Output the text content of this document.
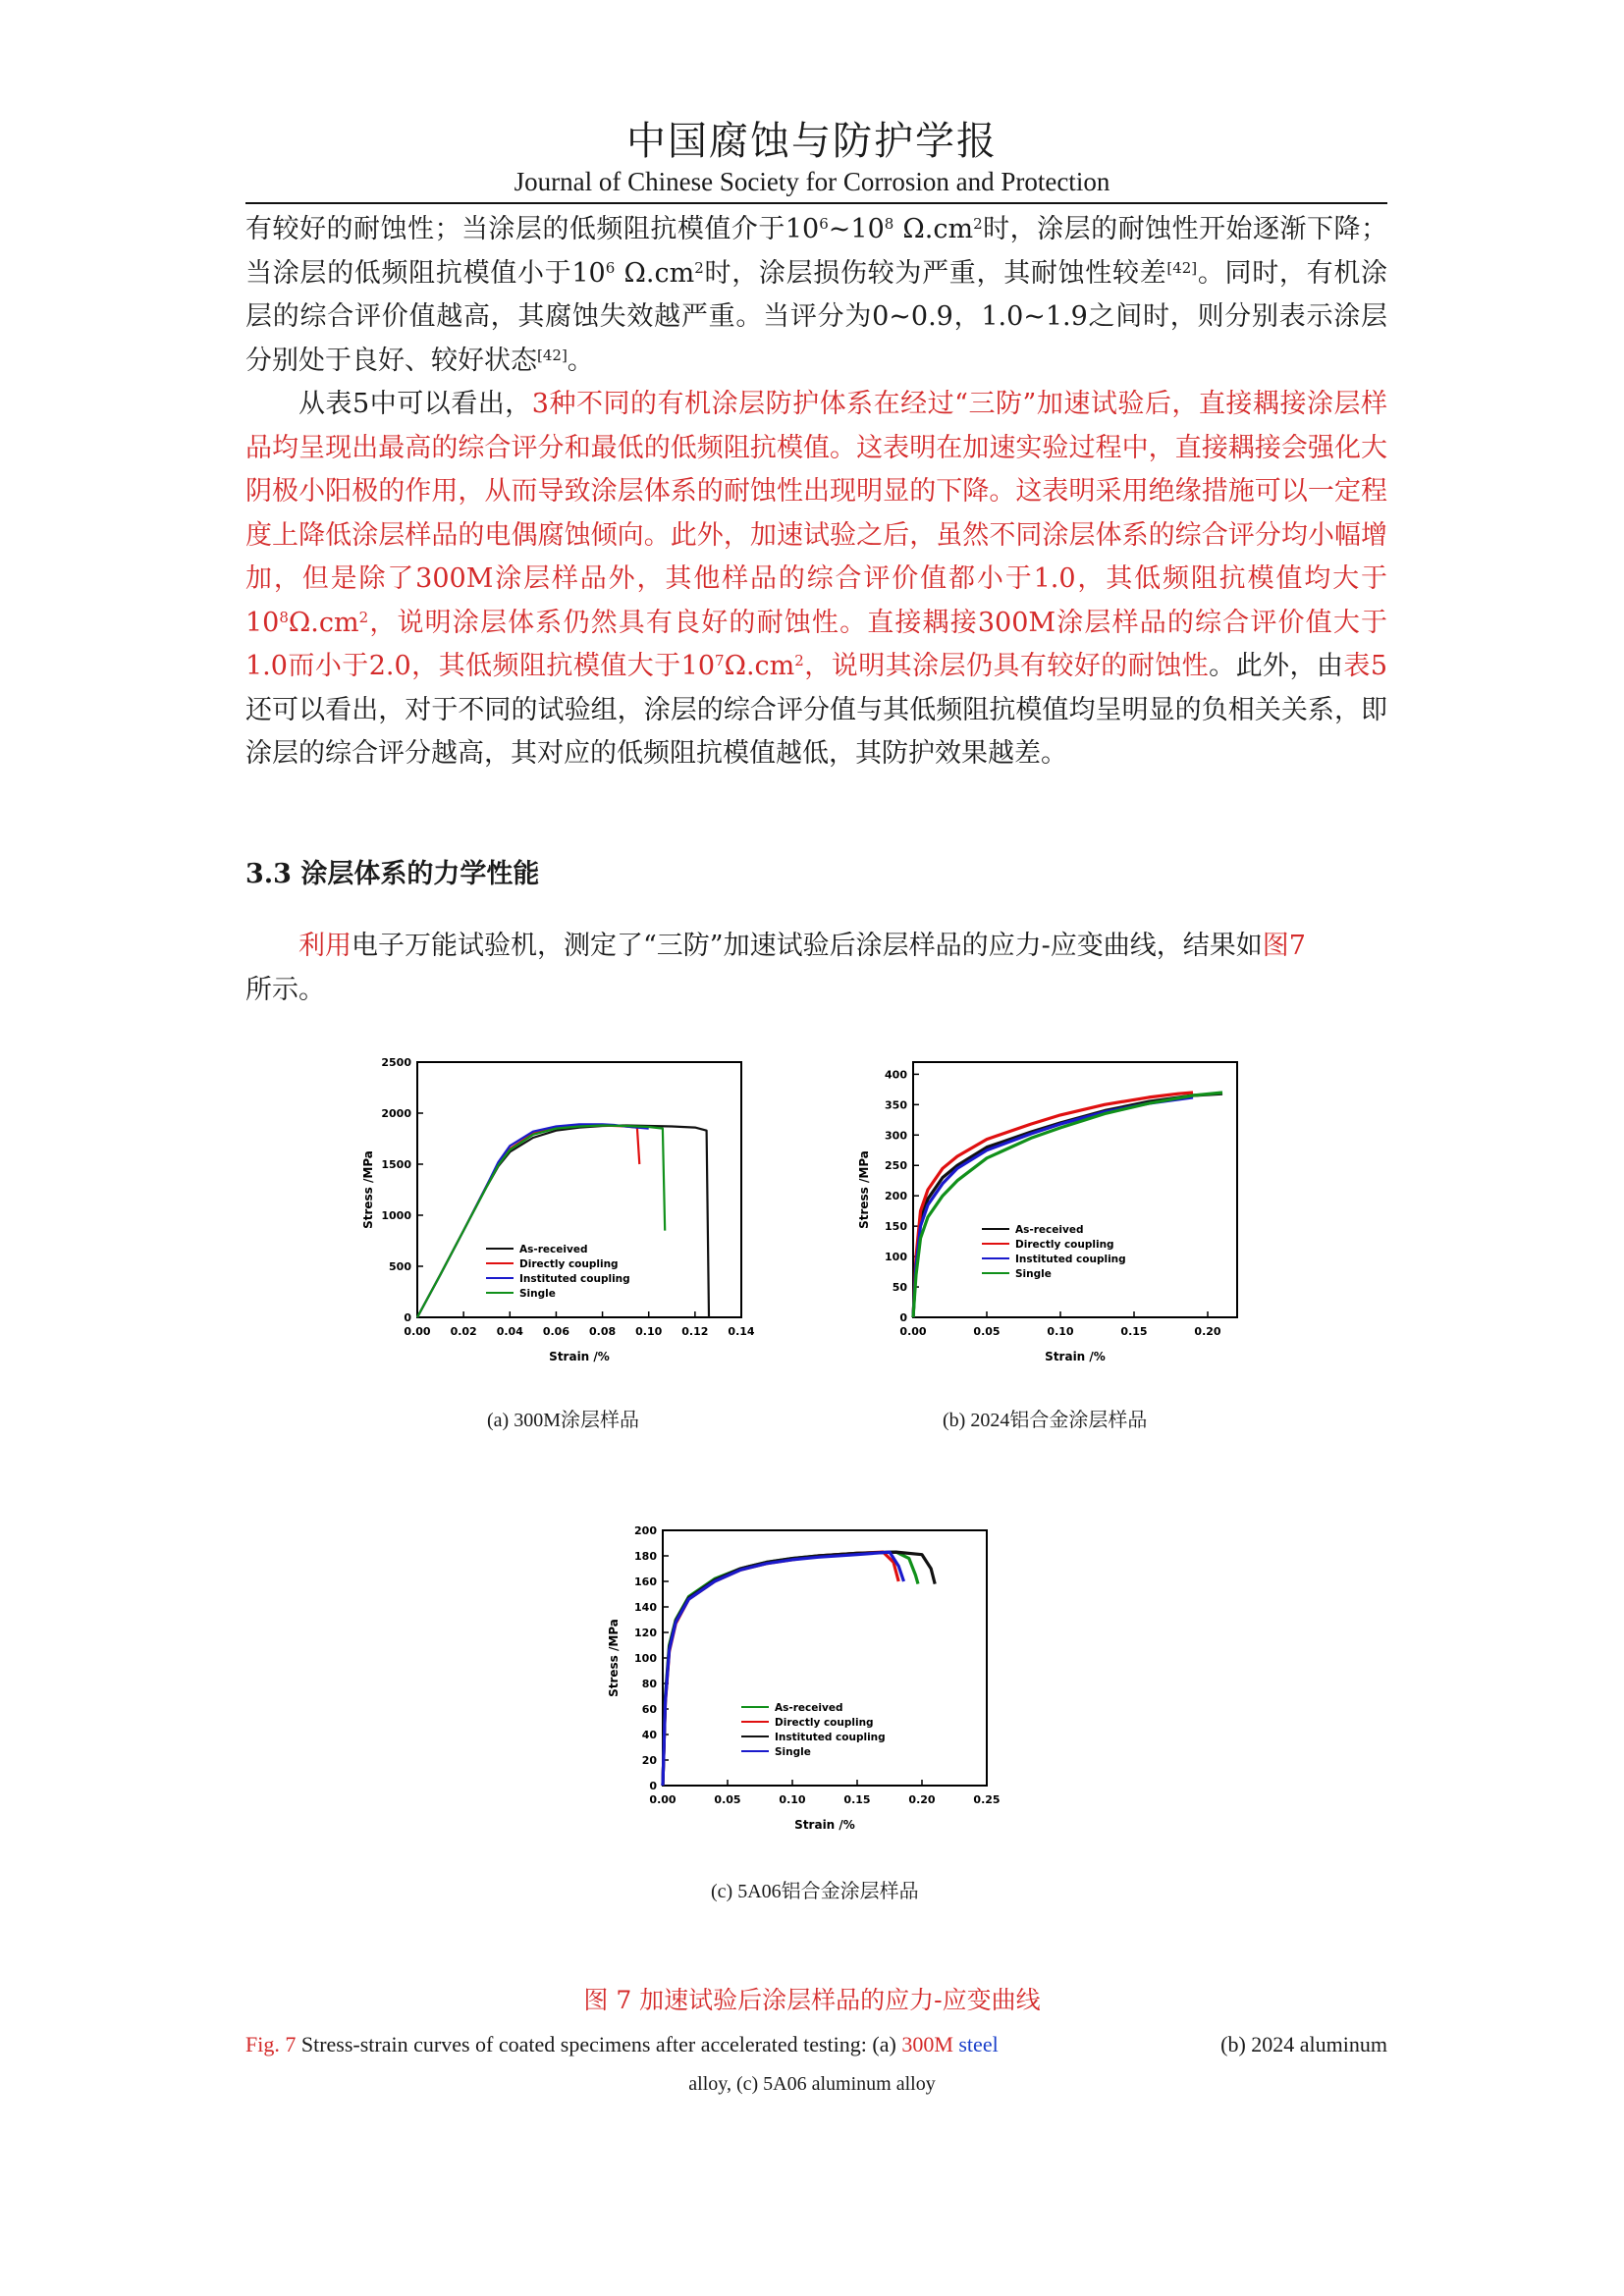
中国腐蚀与防护学报
Journal of Chinese Society for Corrosion and Protection

有较好的耐蚀性；当涂层的低频阻抗模值介于$10^6\sim 10^8$ $\Omega.cm^2$时，涂层的耐蚀性开始逐渐下降；当涂层的低频阻抗模值小于$10^6$ $\Omega.cm^2$时，涂层损伤较为严重，其耐蚀性较差[42]。同时，有机涂层的综合评价值越高，其腐蚀失效越严重。当评分为0~0.9，1.0~1.9之间时，则分别表示涂层分别处于良好、较好状态[42]。

从表5中可以看出，3种不同的有机涂层防护体系在经过“三防”加速试验后，直接耦接涂层样品均呈现出最高的综合评分和最低的低频阻抗模值。这表明在加速实验过程中，直接耦接会强化大阴极小阳极的作用，从而导致涂层体系的耐蚀性出现明显的下降。这表明采用绝缘措施可以一定程度上降低涂层样品的电偶腐蚀倾向。此外，加速试验之后，虽然不同涂层体系的综合评分均小幅增加，但是除了300M涂层样品外，其他样品的综合评价值都小于1.0，其低频阻抗模值均大于$10^8\Omega.cm^2$，说明涂层体系仍然具有良好的耐蚀性。直接耦接300M涂层样品的综合评价值大于1.0而小于2.0，其低频阻抗模值大于$10^7\Omega.cm^2$，说明其涂层仍具有较好的耐蚀性。此外，由表5还可以看出，对于不同的试验组，涂层的综合评分值与其低频阻抗模值均呈明显的负相关关系，即涂层的综合评分越高，其对应的低频阻抗模值越低，其防护效果越差。

3.3 涂层体系的力学性能
利用电子万能试验机，测定了“三防”加速试验后涂层样品的应力-应变曲线，结果如图7
所示。
0.00 0.02 0.04 0.06 0.08 0.10 0.12 0.14
0
500
1000
1500
2000
2500
Strain /%
Stress /MPa
As-received
Directly coupling
Instituted coupling
Single
0.00	0.05	0.10	0.15	0.20
0
50
100
150
200
250
300
350
400
Strain /%
Stress /MPa
As-received
Directly coupling
Instituted coupling
Single
0.00	0.05	0.10	0.15	0.20	0.25
0
20
40
60
80
100
120
140
160
180
200
Strain /%
Stress /MPa
As-received
Directly coupling
Instituted coupling
Single
(a) 300M涂层样品	(b) 2024铝合金涂层样品
(c) 5A06铝合金涂层样品
图 7 加速试验后涂层样品的应力-应变曲线
Fig. 7 Stress-strain curves of coated specimens after accelerated testing: (a) 300M steel	(b) 2024 aluminum
alloy, (c) 5A06 aluminum alloy
